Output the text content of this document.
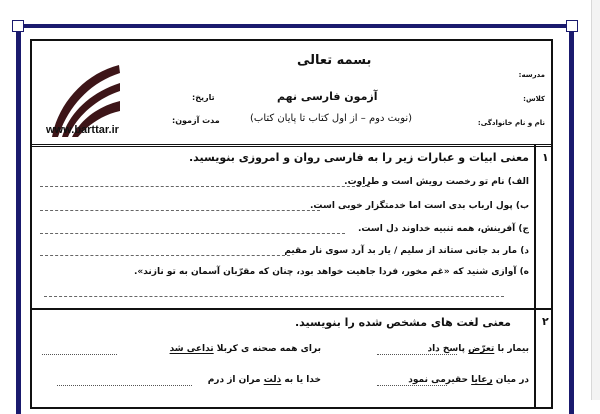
www.barttar.ir
بسمه تعالی
آزمون فارسی نهم
(نوبت دوم – از اول کتاب تا پایان کتاب)
تاریخ:
مدت آزمون:
مدرسه:
کلاس:
نام و نام خانوادگی:
۱
معنی ابیات و عبارات زیر را به فارسی روان و امروزی بنویسید.
الف) نام تو رخصت رویش است و طراوت.
ب) پول ارباب بدی است اما خدمتگزار خوبی است.
ج) آفرینش، همه تنبیه خداوند دل است.
د) مار بد جانی ستاند از سلیم / یار بد آرد سوی نار مقیم
ه) آوازی شنید که «غم مخور، فردا جاهیت خواهد بود، چنان که مقرّبان آسمان به تو نازند».
۲
معنی لغت های مشخص شده را بنویسید.
بیمار با تعرّض پاسخ داد
برای همه صحنه ی کربلا تداعی شد
در میان رعایا حقیرمی نمود
خدا یا به ذلت مران از درم
